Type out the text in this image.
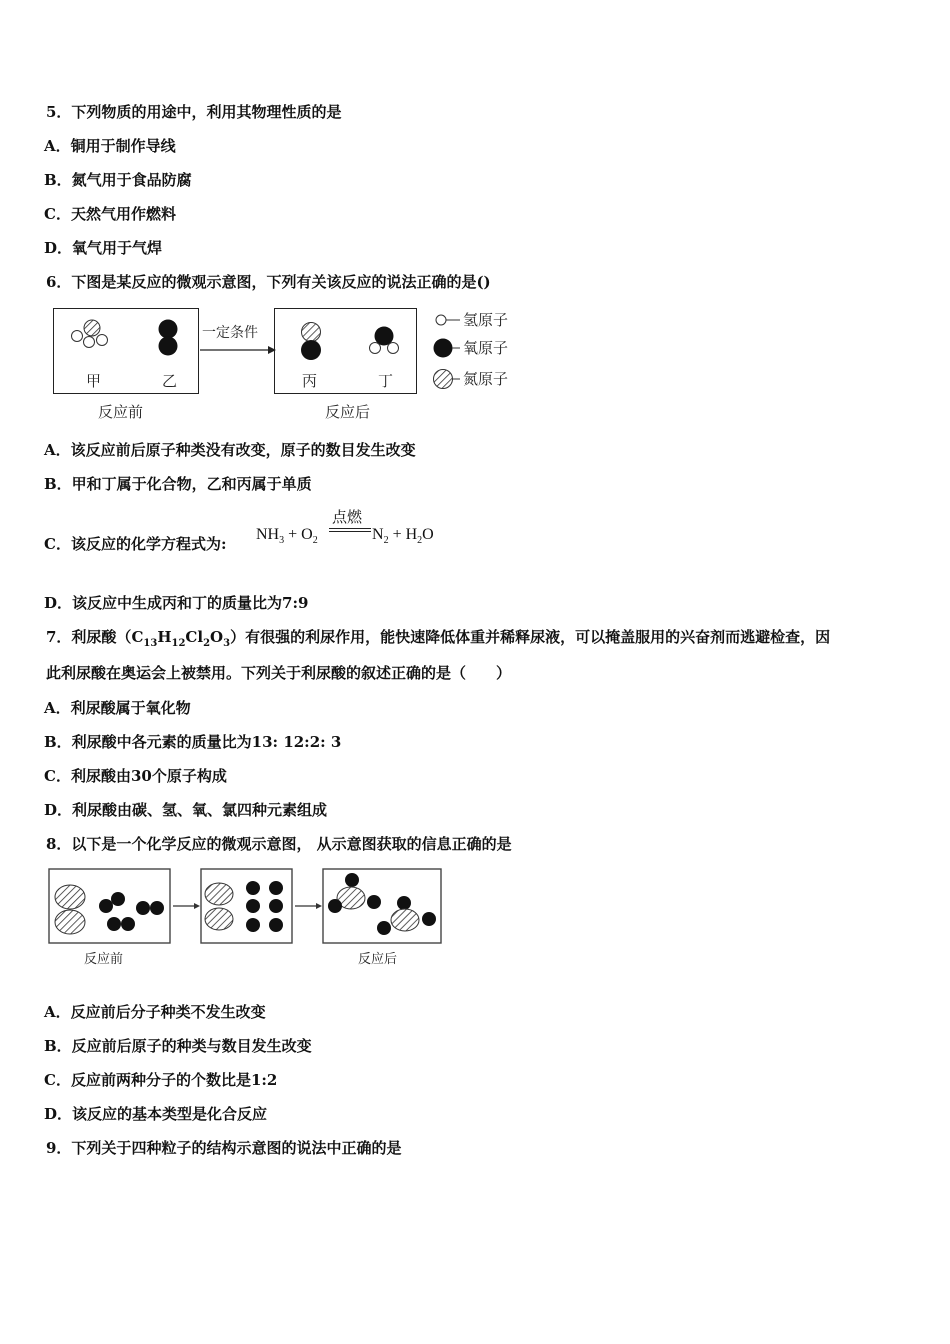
5．下列物质的用途中，利用其物理性质的是
A．铜用于制作导线
B．氮气用于食品防腐
C．天然气用作燃料
D．氧气用于气焊
6．下图是某反应的微观示意图，下列有关该反应的说法正确的是()
甲	乙	丙	丁
一定条件
反应前	反应后
氢原子
氧原子
氮原子
A．该反应前后原子种类没有改变，原子的数目发生改变
B．甲和丁属于化合物，乙和丙属于单质
C．该反应的化学方程式为:
$NH_3 + O_2$
点燃
$N_2 + H_2O$
D．该反应中生成丙和丁的质量比为7:9
7．利尿酸$(C_{13}H_{12}Cl_2O_3)$有很强的利尿作用，能快速降低体重并稀释尿液，可以掩盖服用的兴奋剂而逃避检查，因
此利尿酸在奥运会上被禁用。下列关于利尿酸的叙述正确的是（　　）
A．利尿酸属于氧化物
B．利尿酸中各元素的质量比为13: 12:2: 3
C．利尿酸由30个原子构成
D．利尿酸由碳、氢、氧、氯四种元素组成
8．以下是一个化学反应的微观示意图， 从示意图获取的信息正确的是
反应前	反应后
A．反应前后分子种类不发生改变
B．反应前后原子的种类与数目发生改变
C．反应前两种分子的个数比是1:2
D．该反应的基本类型是化合反应
9．下列关于四种粒子的结构示意图的说法中正确的是
